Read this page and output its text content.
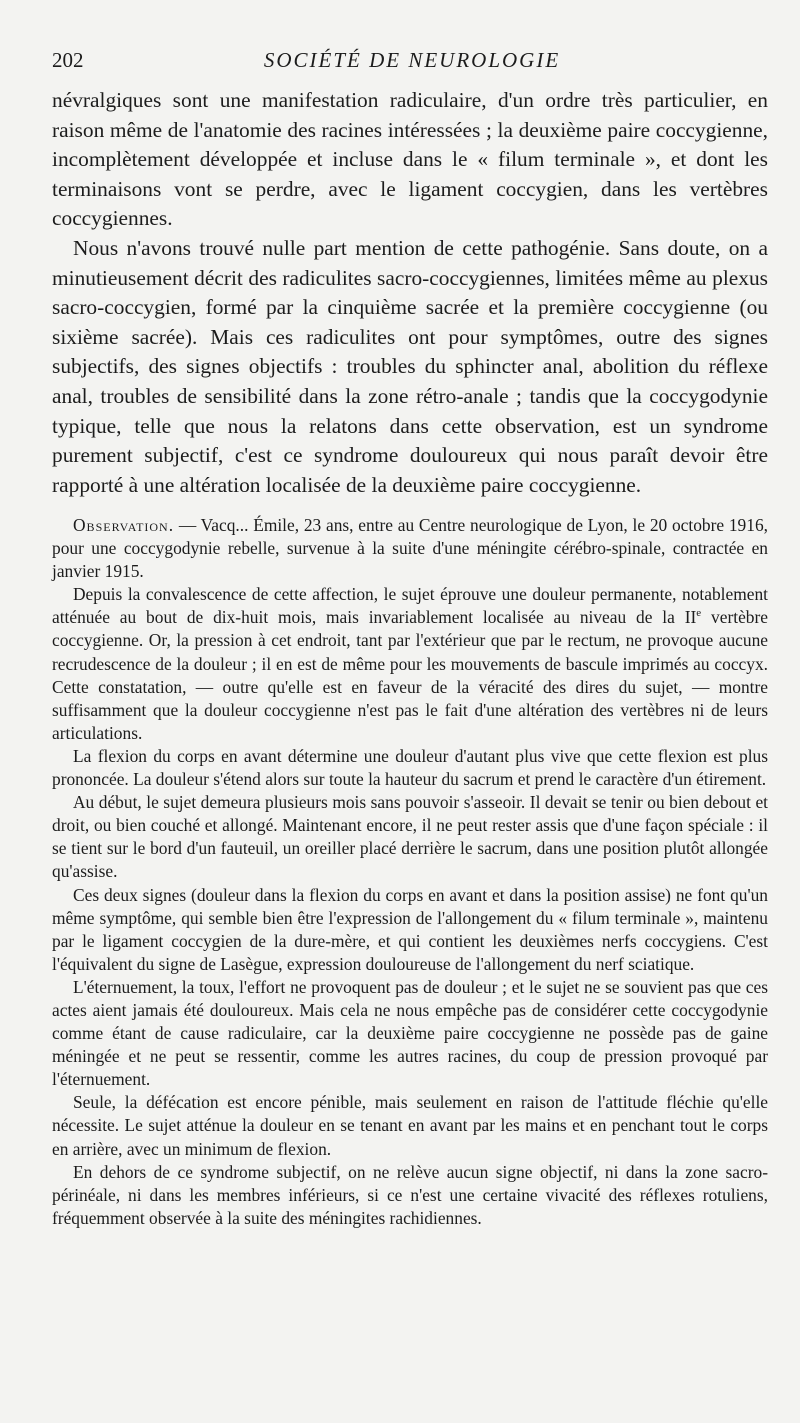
202	SOCIÉTÉ DE NEUROLOGIE

névralgiques sont une manifestation radiculaire, d'un ordre très particulier, en raison même de l'anatomie des racines intéressées ; la deuxième paire coccygienne, incomplètement développée et incluse dans le « filum terminale », et dont les terminaisons vont se perdre, avec le ligament coccygien, dans les vertèbres coccygiennes.

Nous n'avons trouvé nulle part mention de cette pathogénie. Sans doute, on a minutieusement décrit des radiculites sacro-coccygiennes, limitées même au plexus sacro-coccygien, formé par la cinquième sacrée et la première coccygienne (ou sixième sacrée). Mais ces radiculites ont pour symptômes, outre des signes subjectifs, des signes objectifs : troubles du sphincter anal, abolition du réflexe anal, troubles de sensibilité dans la zone rétro-anale ; tandis que la coccygodynie typique, telle que nous la relatons dans cette observation, est un syndrome purement subjectif, c'est ce syndrome douloureux qui nous paraît devoir être rapporté à une altération localisée de la deuxième paire coccygienne.

Observation. — Vacq... Émile, 23 ans, entre au Centre neurologique de Lyon, le 20 octobre 1916, pour une coccygodynie rebelle, survenue à la suite d'une méningite cérébro-spinale, contractée en janvier 1915.

Depuis la convalescence de cette affection, le sujet éprouve une douleur permanente, notablement atténuée au bout de dix-huit mois, mais invariablement localisée au niveau de la IIe vertèbre coccygienne. Or, la pression à cet endroit, tant par l'extérieur que par le rectum, ne provoque aucune recrudescence de la douleur ; il en est de même pour les mouvements de bascule imprimés au coccyx. Cette constatation, — outre qu'elle est en faveur de la véracité des dires du sujet, — montre suffisamment que la douleur coccygienne n'est pas le fait d'une altération des vertèbres ni de leurs articulations.

La flexion du corps en avant détermine une douleur d'autant plus vive que cette flexion est plus prononcée. La douleur s'étend alors sur toute la hauteur du sacrum et prend le caractère d'un étirement.

Au début, le sujet demeura plusieurs mois sans pouvoir s'asseoir. Il devait se tenir ou bien debout et droit, ou bien couché et allongé. Maintenant encore, il ne peut rester assis que d'une façon spéciale : il se tient sur le bord d'un fauteuil, un oreiller placé derrière le sacrum, dans une position plutôt allongée qu'assise.

Ces deux signes (douleur dans la flexion du corps en avant et dans la position assise) ne font qu'un même symptôme, qui semble bien être l'expression de l'allongement du « filum terminale », maintenu par le ligament coccygien de la dure-mère, et qui contient les deuxièmes nerfs coccygiens. C'est l'équivalent du signe de Lasègue, expression douloureuse de l'allongement du nerf sciatique.

L'éternuement, la toux, l'effort ne provoquent pas de douleur ; et le sujet ne se souvient pas que ces actes aient jamais été douloureux. Mais cela ne nous empêche pas de considérer cette coccygodynie comme étant de cause radiculaire, car la deuxième paire coccygienne ne possède pas de gaine méningée et ne peut se ressentir, comme les autres racines, du coup de pression provoqué par l'éternuement.

Seule, la défécation est encore pénible, mais seulement en raison de l'attitude fléchie qu'elle nécessite. Le sujet atténue la douleur en se tenant en avant par les mains et en penchant tout le corps en arrière, avec un minimum de flexion.

En dehors de ce syndrome subjectif, on ne relève aucun signe objectif, ni dans la zone sacro-périnéale, ni dans les membres inférieurs, si ce n'est une certaine vivacité des réflexes rotuliens, fréquemment observée à la suite des méningites rachidiennes.
